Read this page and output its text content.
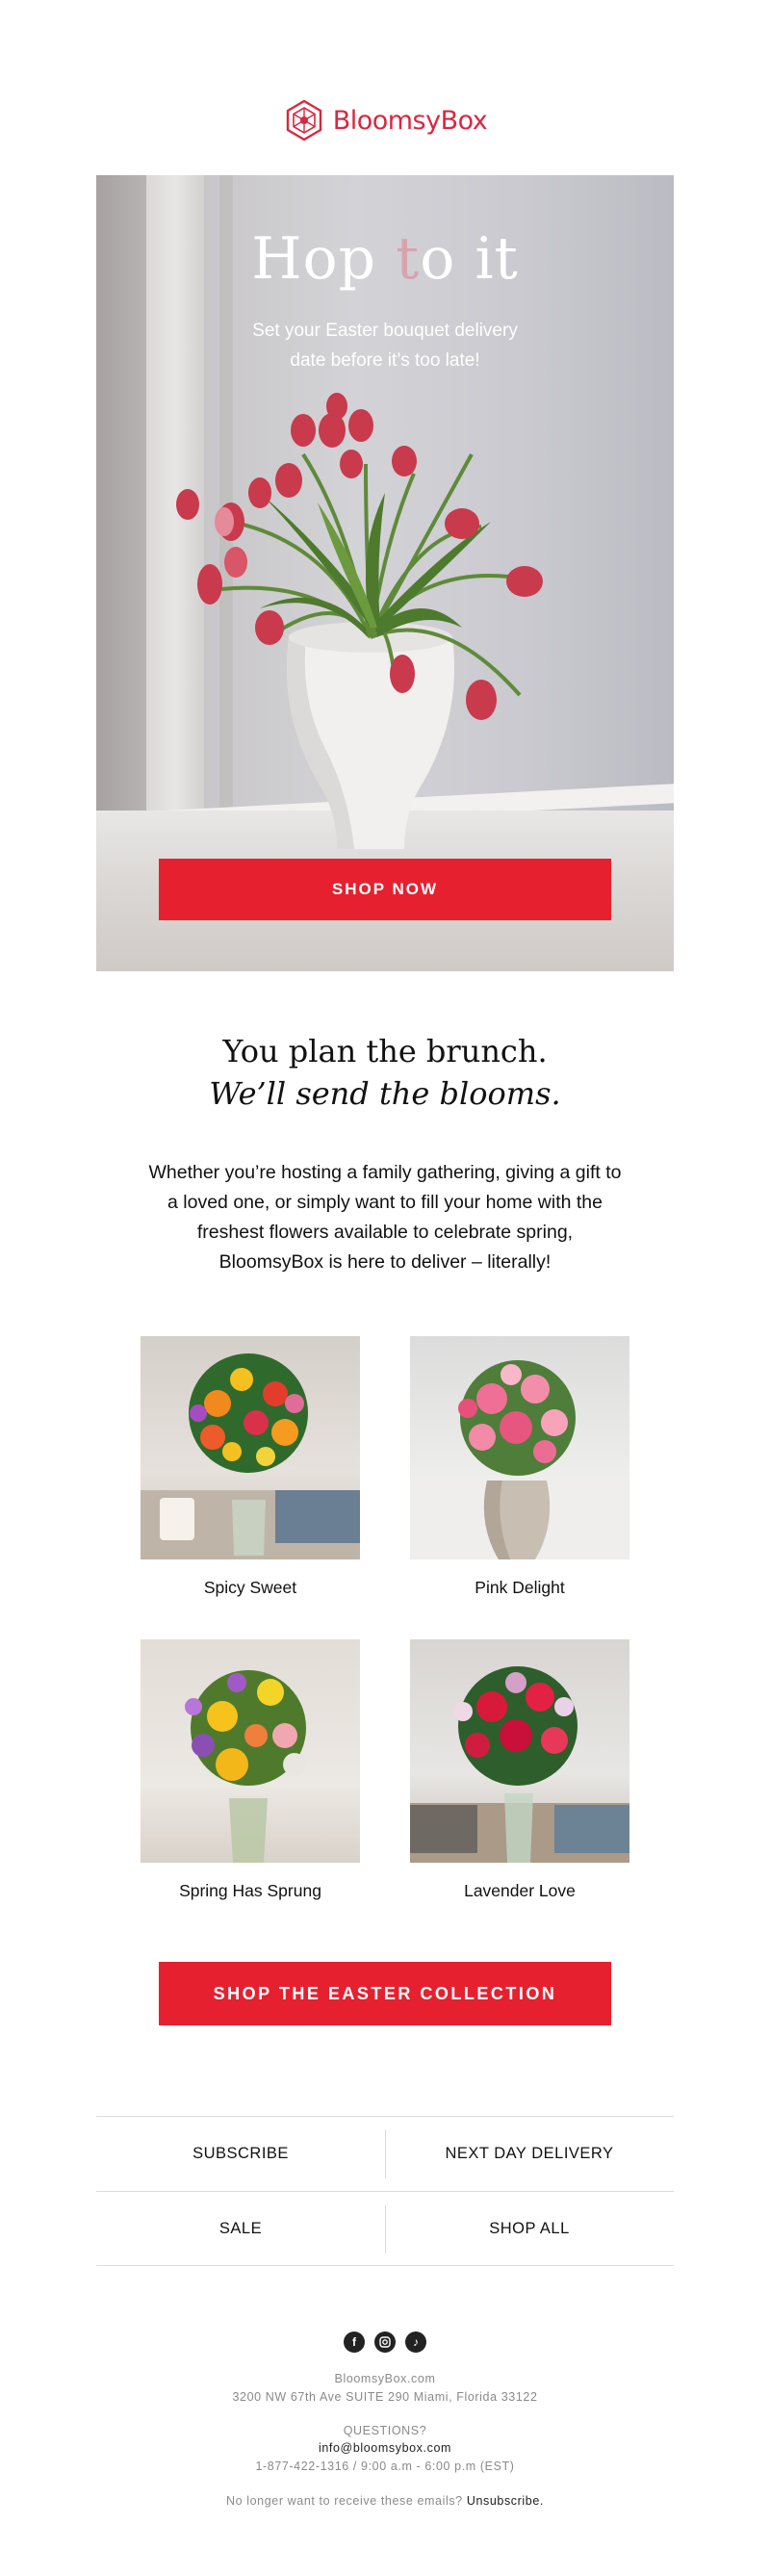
BloomsyBox
Hop to it
Set your Easter bouquet delivery date before it’s too late!
SHOP NOW
You plan the brunch.
We’ll send the blooms.
Whether you’re hosting a family gathering, giving a gift to a loved one, or simply want to fill your home with the freshest flowers available to celebrate spring, BloomsyBox is here to deliver – literally!
Spicy Sweet	Pink Delight
Spring Has Sprung	Lavender Love
SHOP THE EASTER COLLECTION
SUBSCRIBE	NEXT DAY DELIVERY
SALE	SHOP ALL
f	♪
BloomsyBox.com
3200 NW 67th Ave SUITE 290 Miami, Florida 33122
QUESTIONS?
info@bloomsybox.com
1-877-422-1316 / 9:00 a.m - 6:00 p.m (EST)
No longer want to receive these emails? Unsubscribe.
